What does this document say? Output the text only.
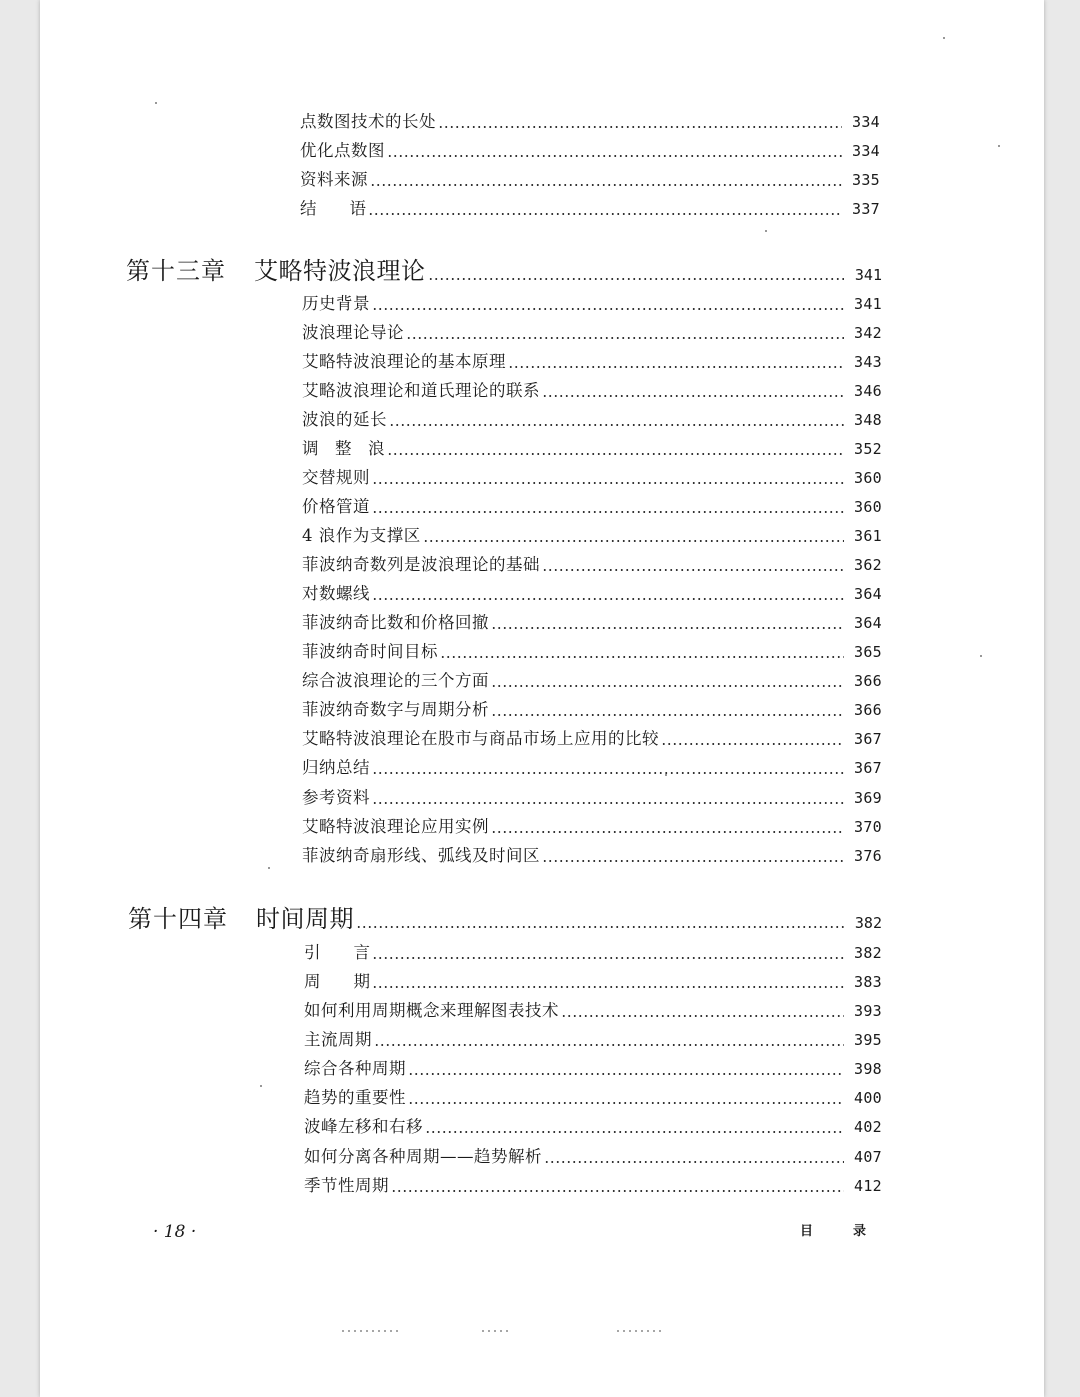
点数图技术的长处	334
优化点数图	334
资料来源	335
结　　语	337
第十三章	艾略特波浪理论	341
历史背景	341
波浪理论导论	342
艾略特波浪理论的基本原理	343
艾略波浪理论和道氏理论的联系	346
波浪的延长	348
调　整　浪	352
交替规则	360
价格管道	360
4 浪作为支撑区	361
菲波纳奇数列是波浪理论的基础	362
对数螺线	364
菲波纳奇比数和价格回撤	364
菲波纳奇时间目标	365
综合波浪理论的三个方面	366
菲波纳奇数字与周期分析	366
艾略特波浪理论在股市与商品市场上应用的比较	367
归纳总结	367
参考资料	369
艾略特波浪理论应用实例	370
菲波纳奇扇形线、弧线及时间区	376
第十四章	时间周期	382
引　　言	382
周　　期	383
如何利用周期概念来理解图表技术	393
主流周期	395
综合各种周期	398
趋势的重要性	400
波峰左移和右移	402
如何分离各种周期——趋势解析	407
季节性周期	412
· 18 ·	目录
